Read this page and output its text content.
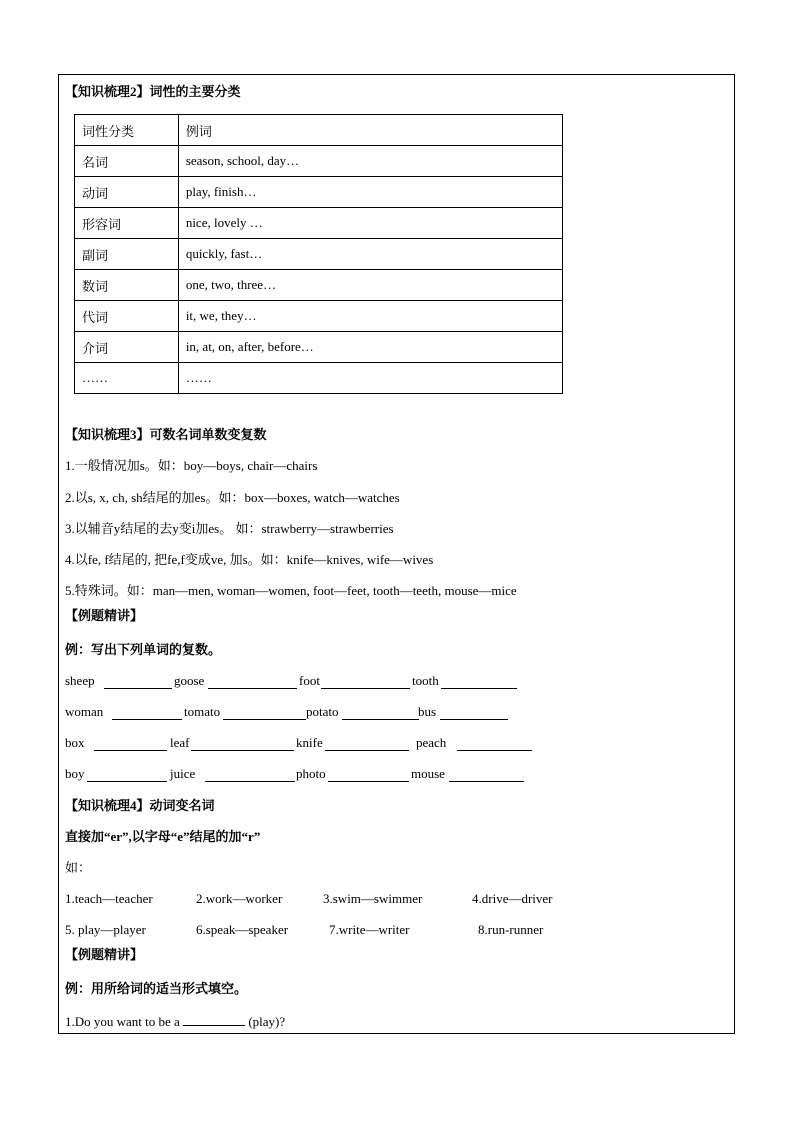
【知识梳理2】词性的主要分类
词性分类	例词
名词	season, school, day…
动词	play, finish…
形容词	nice, lovely …
副词	quickly, fast…
数词	one, two, three…
代词	it, we, they…
介词	in, at, on, after, before…
……	……
【知识梳理3】可数名词单数变复数
1.一般情况加s。如：boy—boys, chair—chairs
2.以s, x, ch, sh结尾的加es。如：box—boxes, watch—watches
3.以辅音y结尾的去y变i加es。 如：strawberry—strawberries
4.以fe, f结尾的, 把fe,f变成ve, 加s。如：knife—knives, wife—wives
5.特殊词。如：man—men, woman—women, foot—feet, tooth—teeth, mouse—mice
【例题精讲】
例：写出下列单词的复数。
sheep	goose	foot	tooth
woman	tomato	potato	bus
box	leaf	knife	peach
boy	juice	photo	mouse
【知识梳理4】动词变名词
直接加“er”,以字母“e”结尾的加“r”
如：
1.teach—teacher	2.work—worker	3.swim—swimmer	4.drive—driver
5. play—player	6.speak—speaker	7.write—writer	8.run-runner
【例题精讲】
例：用所给词的适当形式填空。
1.Do you want to be a	(play)?
